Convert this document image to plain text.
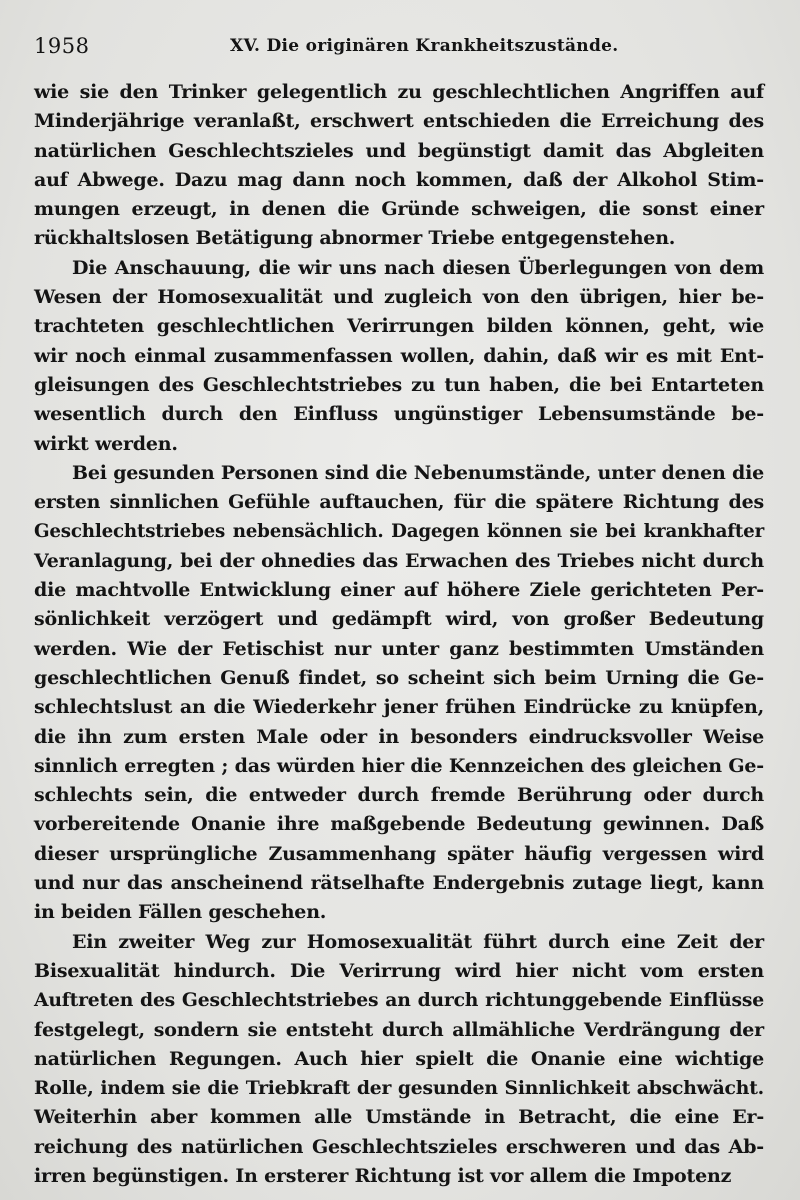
1958	XV. Die originären Krankheitszustände.
wie sie den Trinker gelegentlich zu geschlechtlichen Angriffen auf
Minderjährige veranlaßt, erschwert entschieden die Erreichung des
natürlichen Geschlechtszieles und begünstigt damit das Abgleiten
auf Abwege. Dazu mag dann noch kommen, daß der Alkohol Stim-
mungen erzeugt, in denen die Gründe schweigen, die sonst einer
rückhaltslosen Betätigung abnormer Triebe entgegenstehen.
Die Anschauung, die wir uns nach diesen Überlegungen von dem
Wesen der Homosexualität und zugleich von den übrigen, hier be-
trachteten geschlechtlichen Verirrungen bilden können, geht, wie
wir noch einmal zusammenfassen wollen, dahin, daß wir es mit Ent-
gleisungen des Geschlechtstriebes zu tun haben, die bei Entarteten
wesentlich durch den Einfluss ungünstiger Lebensumstände be-
wirkt werden.
Bei gesunden Personen sind die Nebenumstände, unter denen die
ersten sinnlichen Gefühle auftauchen, für die spätere Richtung des
Geschlechtstriebes nebensächlich. Dagegen können sie bei krankhafter
Veranlagung, bei der ohnedies das Erwachen des Triebes nicht durch
die machtvolle Entwicklung einer auf höhere Ziele gerichteten Per-
sönlichkeit verzögert und gedämpft wird, von großer Bedeutung
werden. Wie der Fetischist nur unter ganz bestimmten Umständen
geschlechtlichen Genuß findet, so scheint sich beim Urning die Ge-
schlechtslust an die Wiederkehr jener frühen Eindrücke zu knüpfen,
die ihn zum ersten Male oder in besonders eindrucksvoller Weise
sinnlich erregten ; das würden hier die Kennzeichen des gleichen Ge-
schlechts sein, die entweder durch fremde Berührung oder durch
vorbereitende Onanie ihre maßgebende Bedeutung gewinnen. Daß
dieser ursprüngliche Zusammenhang später häufig vergessen wird
und nur das anscheinend rätselhafte Endergebnis zutage liegt, kann
in beiden Fällen geschehen.
Ein zweiter Weg zur Homosexualität führt durch eine Zeit der
Bisexualität hindurch. Die Verirrung wird hier nicht vom ersten
Auftreten des Geschlechtstriebes an durch richtunggebende Einflüsse
festgelegt, sondern sie entsteht durch allmähliche Verdrängung der
natürlichen Regungen. Auch hier spielt die Onanie eine wichtige
Rolle, indem sie die Triebkraft der gesunden Sinnlichkeit abschwächt.
Weiterhin aber kommen alle Umstände in Betracht, die eine Er-
reichung des natürlichen Geschlechtszieles erschweren und das Ab-
irren begünstigen. In ersterer Richtung ist vor allem die Impotenz
